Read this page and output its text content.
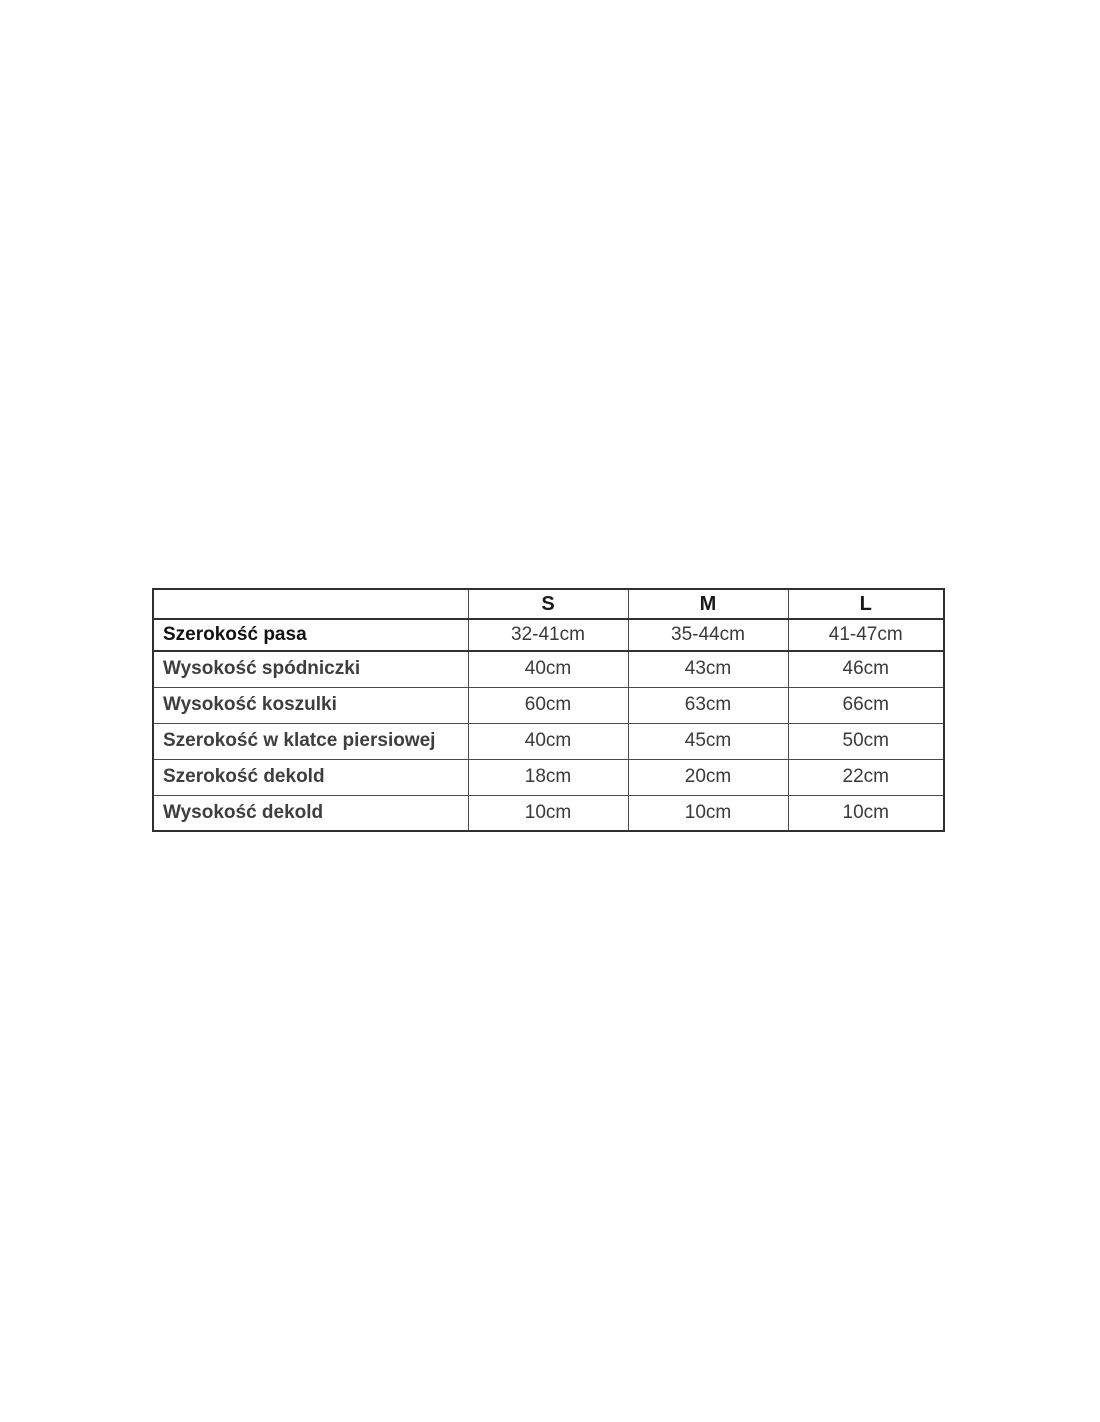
	S	M	L
Szerokość pasa	32-41cm	35-44cm	41-47cm
Wysokość spódniczki	40cm	43cm	46cm
Wysokość koszulki	60cm	63cm	66cm
Szerokość w klatce piersiowej	40cm	45cm	50cm
Szerokość dekold	18cm	20cm	22cm
Wysokość dekold	10cm	10cm	10cm
